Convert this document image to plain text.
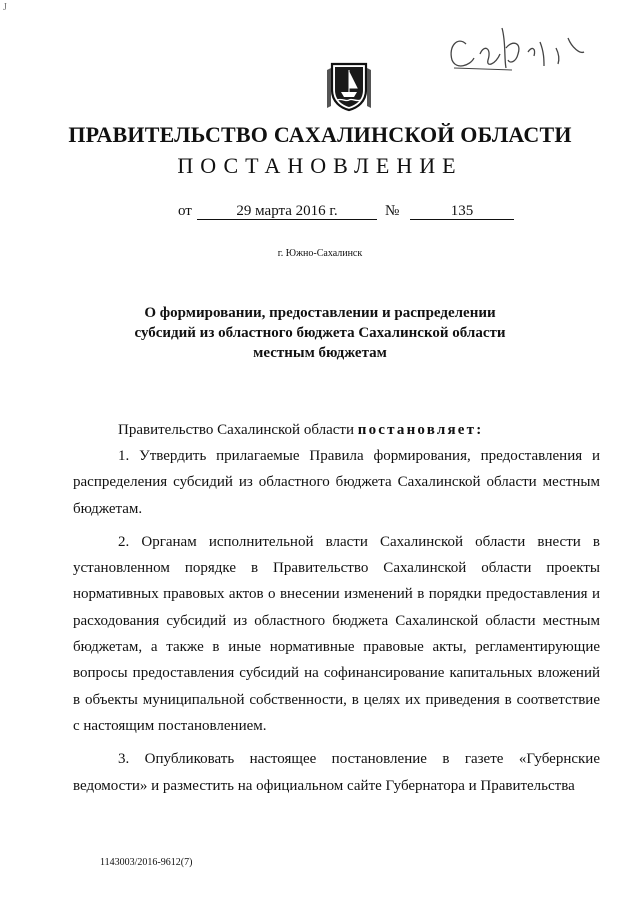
J
ПРАВИТЕЛЬСТВО САХАЛИНСКОЙ ОБЛАСТИ
ПОСТАНОВЛЕНИЕ
от	29 марта 2016 г.	№	135
г. Южно-Сахалинск
О формировании, предоставлении и распределении
субсидий из областного бюджета Сахалинской области
местным бюджетам
Правительство Сахалинской области постановляет:

1. Утвердить прилагаемые Правила формирования, предоставления и распределения субсидий из областного бюджета Сахалинской области местным бюджетам.

2. Органам исполнительной власти Сахалинской области внести в установленном порядке в Правительство Сахалинской области проекты нормативных правовых актов о внесении изменений в порядки предоставления и расходования субсидий из областного бюджета Сахалинской области местным бюджетам, а также в иные нормативные правовые акты, регламентирующие вопросы предоставления субсидий на софинансирование капитальных вложений в объекты муниципальной собственности, в целях их приведения в соответствие с настоящим постановлением.

3. Опубликовать настоящее постановление в газете «Губернские ведомости» и разместить на официальном сайте Губернатора и Правительства

1143003/2016-9612(7)
